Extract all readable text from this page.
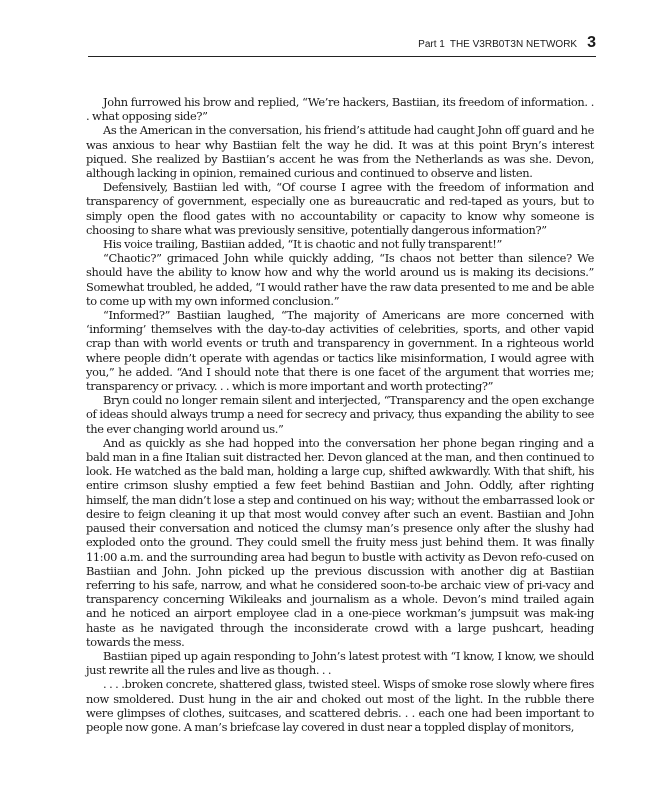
Part 1 THE V3RB0T3N NETWORK 3

John furrowed his brow and replied, “We’re hackers, Bastiian, its freedom of information. . . what opposing side?”

As the American in the conversation, his friend’s attitude had caught John off guard and he was anxious to hear why Bastiian felt the way he did. It was at this point Bryn’s interest piqued. She realized by Bastiian’s accent he was from the Netherlands as was she. Devon, although lacking in opinion, remained curious and continued to observe and listen.

Defensively, Bastiian led with, “Of course I agree with the freedom of information and transparency of government, especially one as bureaucratic and red-taped as yours, but to simply open the flood gates with no accountability or capacity to know why someone is choosing to share what was previously sensitive, potentially dangerous information?”

His voice trailing, Bastiian added, “It is chaotic and not fully transparent!”

“Chaotic?” grimaced John while quickly adding, “Is chaos not better than silence? We should have the ability to know how and why the world around us is making its decisions.” Somewhat troubled, he added, “I would rather have the raw data presented to me and be able to come up with my own informed conclusion.”

“Informed?” Bastiian laughed, “The majority of Americans are more concerned with ‘informing’ themselves with the day-to-day activities of celebrities, sports, and other vapid crap than with world events or truth and transparency in government. In a righteous world where people didn’t operate with agendas or tactics like misinformation, I would agree with you,” he added. “And I should note that there is one facet of the argument that worries me; transparency or privacy. . . which is more important and worth protecting?”

Bryn could no longer remain silent and interjected, “Transparency and the open exchange of ideas should always trump a need for secrecy and privacy, thus expanding the ability to see the ever changing world around us.”

And as quickly as she had hopped into the conversation her phone began ringing and a bald man in a fine Italian suit distracted her. Devon glanced at the man, and then continued to look. He watched as the bald man, holding a large cup, shifted awkwardly. With that shift, his entire crimson slushy emptied a few feet behind Bastiian and John. Oddly, after righting himself, the man didn’t lose a step and continued on his way; without the embarrassed look or desire to feign cleaning it up that most would convey after such an event. Bastiian and John paused their conversation and noticed the clumsy man’s presence only after the slushy had exploded onto the ground. They could smell the fruity mess just behind them. It was finally 11:00 a.m. and the surrounding area had begun to bustle with activity as Devon refo-cused on Bastiian and John. John picked up the previous discussion with another dig at Bastiian referring to his safe, narrow, and what he considered soon-to-be archaic view of pri-vacy and transparency concerning Wikileaks and journalism as a whole. Devon’s mind trailed again and he noticed an airport employee clad in a one-piece workman’s jumpsuit was mak-ing haste as he navigated through the inconsiderate crowd with a large pushcart, heading towards the mess.

Bastiian piped up again responding to John’s latest protest with “I know, I know, we should just rewrite all the rules and live as though. . .

. . . .broken concrete, shattered glass, twisted steel. Wisps of smoke rose slowly where fires now smoldered. Dust hung in the air and choked out most of the light. In the rubble there were glimpses of clothes, suitcases, and scattered debris. . . each one had been important to people now gone. A man’s briefcase lay covered in dust near a toppled display of monitors,
